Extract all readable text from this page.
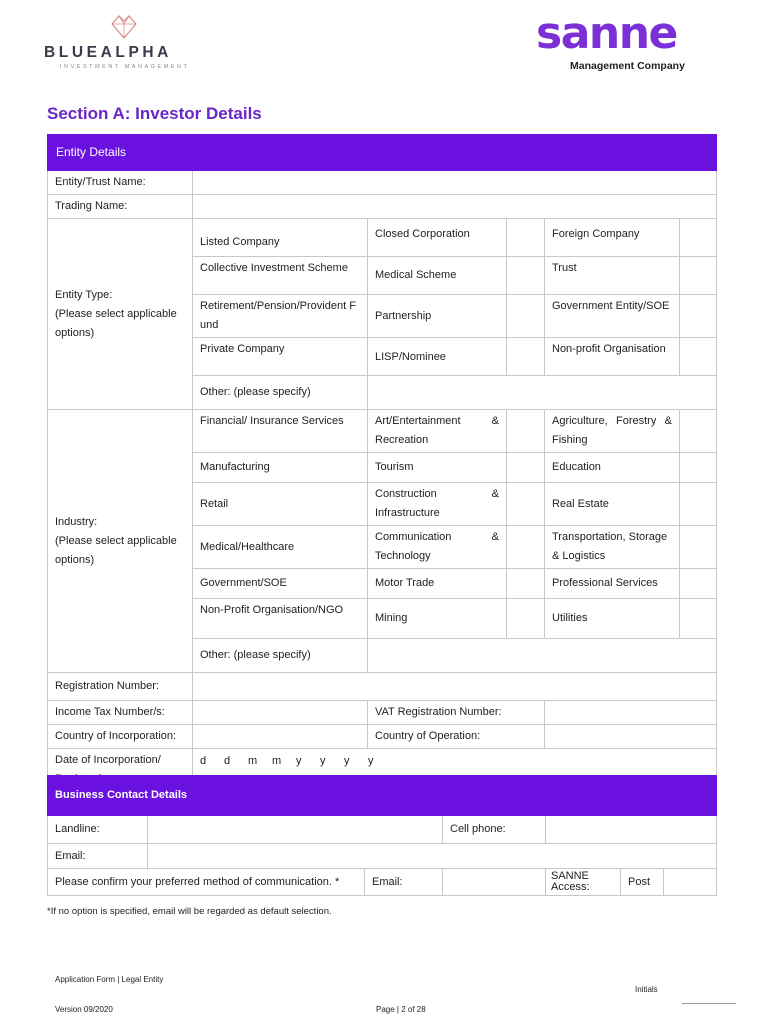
BLUEALPHA
INVESTMENT MANAGEMENT
sanne
Management Company
Section A: Investor Details
Entity Details					
Entity/Trust Name:					
Trading Name:					

Entity Type:
(Please select applicable options)	Listed Company	Closed Corporation		Foreign Company	
	Collective Investment Scheme	Medical Scheme		Trust	
	Retirement/Pension/Provident Fund	Partnership		Government Entity/SOE	
	Private Company	LISP/Nominee		Non-profit Organisation	
	Other: (please specify)				

Industry:
(Please select applicable options)	Financial/ Insurance Services	Art/Entertainment & Recreation		Agriculture, Forestry & Fishing	
	Manufacturing	Tourism		Education	
	Retail	Construction & Infrastructure		Real Estate	
	Medical/Healthcare	Communication & Technology		Transportation, Storage & Logistics	
	Government/SOE	Motor Trade		Professional Services	
	Non-Profit Organisation/NGO	Mining		Utilities	
	Other: (please specify)				
Registration Number:					
Income Tax Number/s:		VAT Registration Number:			
Country of Incorporation:		Country of Operation:			
Date of Incorporation/	d d m m y y y y				
Business Contact Details						
Landline:			Cell phone:			
Email:						
Please confirm your preferred method of communication. *		Email:		SANNE Access:	Post	
*If no option is specified, email will be regarded as default selection.
Application Form | Legal Entity
Version 09/2020	Page | 2 of 28
Initials
